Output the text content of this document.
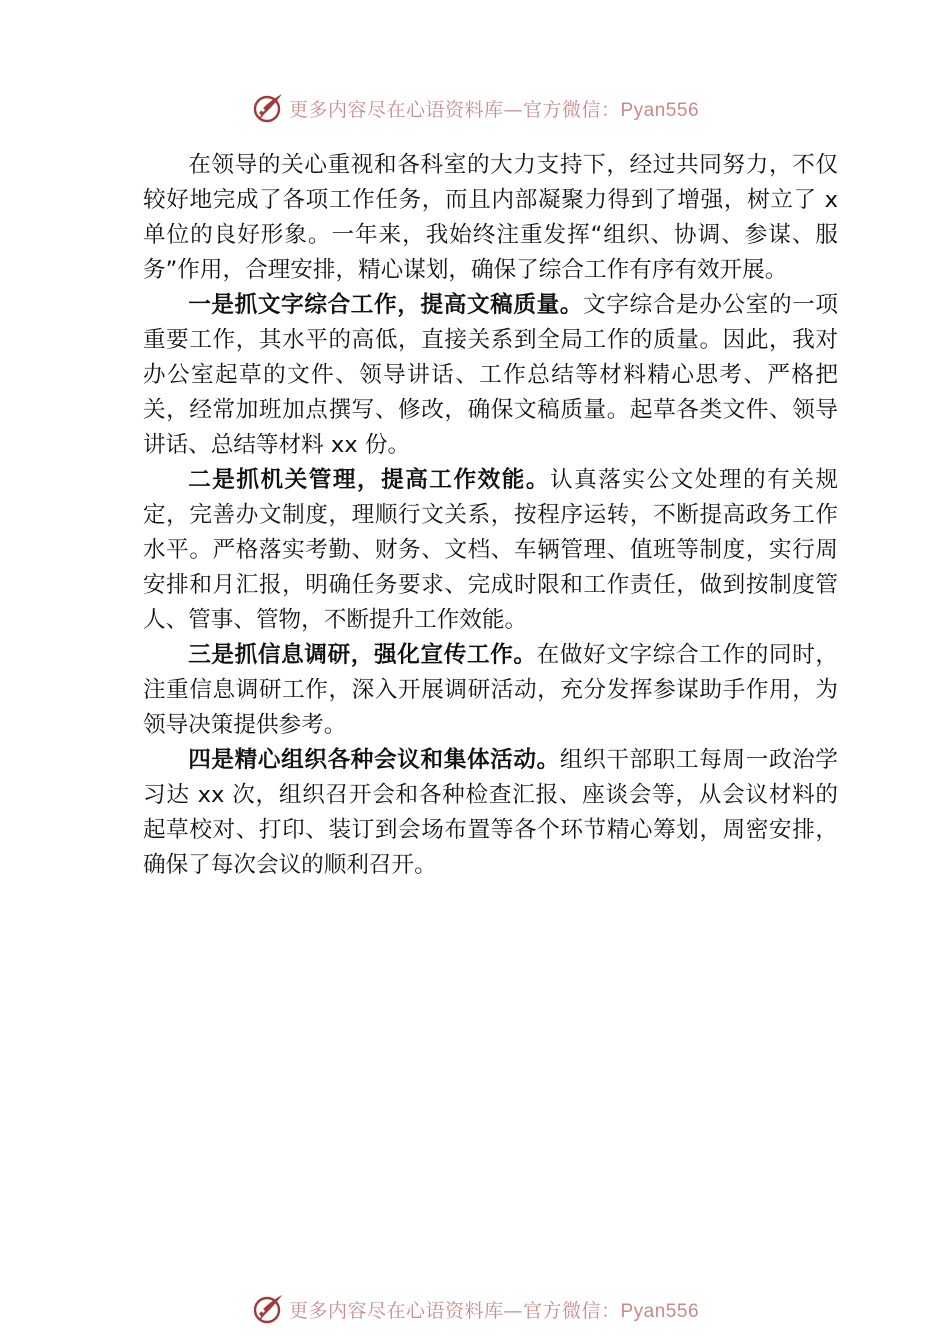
更多内容尽在心语资料库—官方微信：Pyan556

在领导的关心重视和各科室的大力支持下，经过共同努力，不仅较好地完成了各项工作任务，而且内部凝聚力得到了增强，树立了 x 单位的良好形象。一年来，我始终注重发挥“组织、协调、参谋、服务”作用，合理安排，精心谋划，确保了综合工作有序有效开展。

一是抓文字综合工作，提高文稿质量。文字综合是办公室的一项重要工作，其水平的高低，直接关系到全局工作的质量。因此，我对办公室起草的文件、领导讲话、工作总结等材料精心思考、严格把关，经常加班加点撰写、修改，确保文稿质量。起草各类文件、领导讲话、总结等材料 xx 份。

二是抓机关管理，提高工作效能。认真落实公文处理的有关规定，完善办文制度，理顺行文关系，按程序运转，不断提高政务工作水平。严格落实考勤、财务、文档、车辆管理、值班等制度，实行周安排和月汇报，明确任务要求、完成时限和工作责任，做到按制度管人、管事、管物，不断提升工作效能。

三是抓信息调研，强化宣传工作。在做好文字综合工作的同时，注重信息调研工作，深入开展调研活动，充分发挥参谋助手作用，为领导决策提供参考。

四是精心组织各种会议和集体活动。组织干部职工每周一政治学习达 xx 次，组织召开会和各种检查汇报、座谈会等，从会议材料的起草校对、打印、装订到会场布置等各个环节精心筹划，周密安排，确保了每次会议的顺利召开。

更多内容尽在心语资料库—官方微信：Pyan556
